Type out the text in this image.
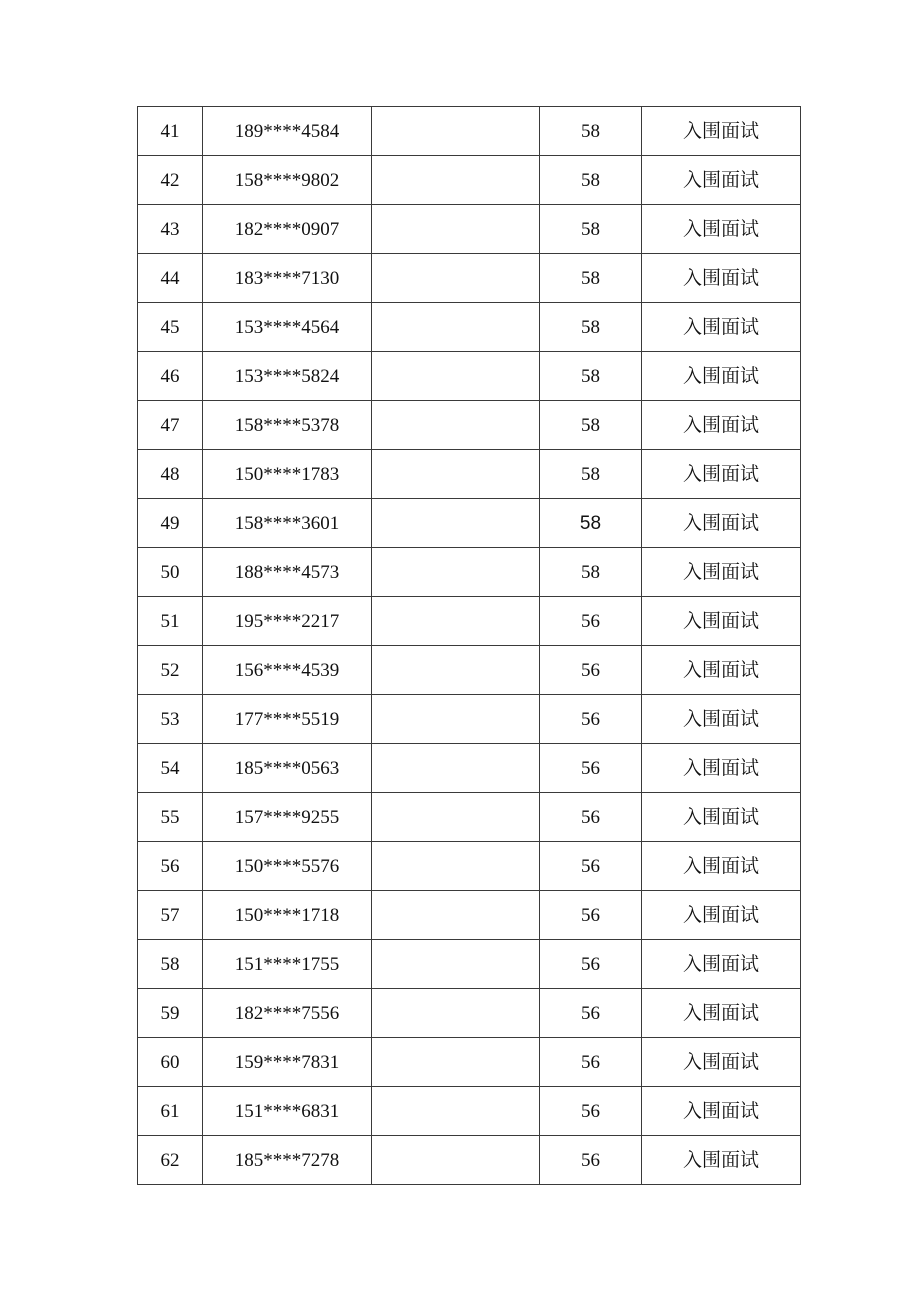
41	189****4584		58	入围面试
42	158****9802		58	入围面试
43	182****0907		58	入围面试
44	183****7130		58	入围面试
45	153****4564		58	入围面试
46	153****5824		58	入围面试
47	158****5378		58	入围面试
48	150****1783		58	入围面试
49	158****3601		58	入围面试
50	188****4573		58	入围面试
51	195****2217		56	入围面试
52	156****4539		56	入围面试
53	177****5519		56	入围面试
54	185****0563		56	入围面试
55	157****9255		56	入围面试
56	150****5576		56	入围面试
57	150****1718		56	入围面试
58	151****1755		56	入围面试
59	182****7556		56	入围面试
60	159****7831		56	入围面试
61	151****6831		56	入围面试
62	185****7278		56	入围面试
